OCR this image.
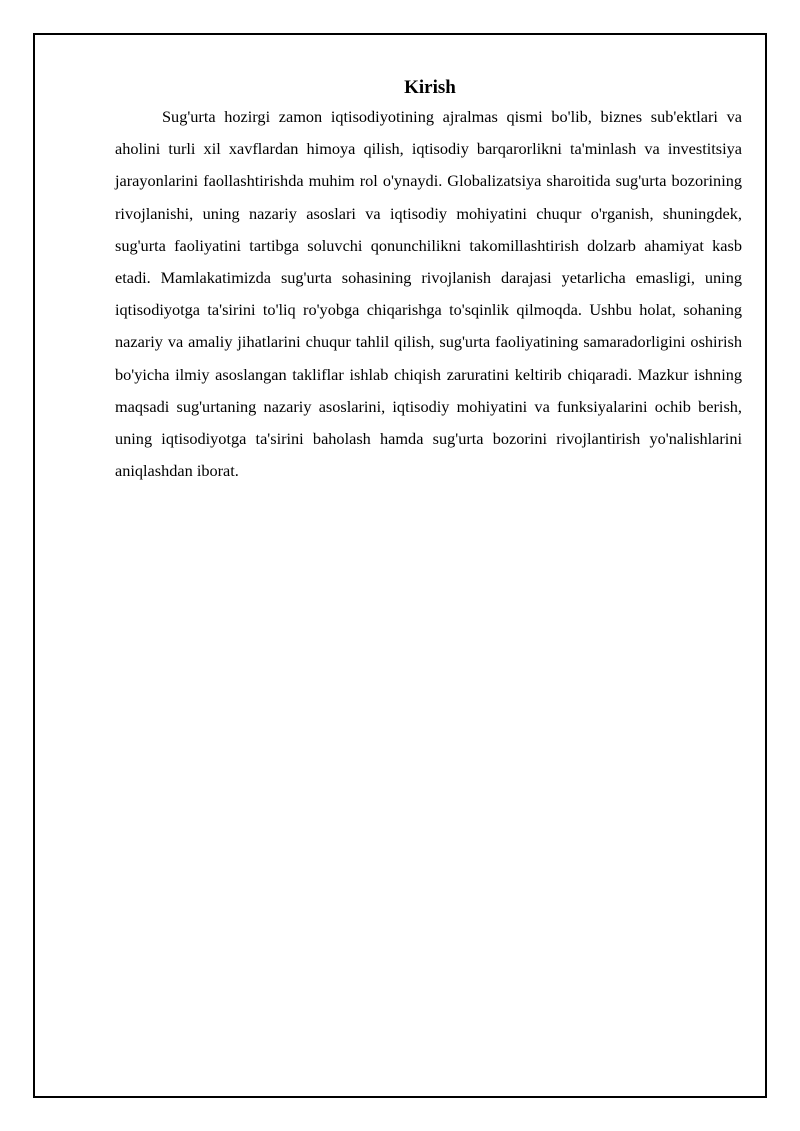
Kirish

Sug'urta hozirgi zamon iqtisodiyotining ajralmas qismi bo'lib, biznes sub'ektlari va aholini turli xil xavflardan himoya qilish, iqtisodiy barqarorlikni ta'minlash va investitsiya jarayonlarini faollashtirishda muhim rol o'ynaydi. Globalizatsiya sharoitida sug'urta bozorining rivojlanishi, uning nazariy asoslari va iqtisodiy mohiyatini chuqur o'rganish, shuningdek, sug'urta faoliyatini tartibga soluvchi qonunchilikni takomillashtirish dolzarb ahamiyat kasb etadi. Mamlakatimizda sug'urta sohasining rivojlanish darajasi yetarlicha emasligi, uning iqtisodiyotga ta'sirini to'liq ro'yobga chiqarishga to'sqinlik qilmoqda. Ushbu holat, sohaning nazariy va amaliy jihatlarini chuqur tahlil qilish, sug'urta faoliyatining samaradorligini oshirish bo'yicha ilmiy asoslangan takliflar ishlab chiqish zaruratini keltirib chiqaradi. Mazkur ishning maqsadi sug'urtaning nazariy asoslarini, iqtisodiy mohiyatini va funksiyalarini ochib berish, uning iqtisodiyotga ta'sirini baholash hamda sug'urta bozorini rivojlantirish yo'nalishlarini aniqlashdan iborat.
